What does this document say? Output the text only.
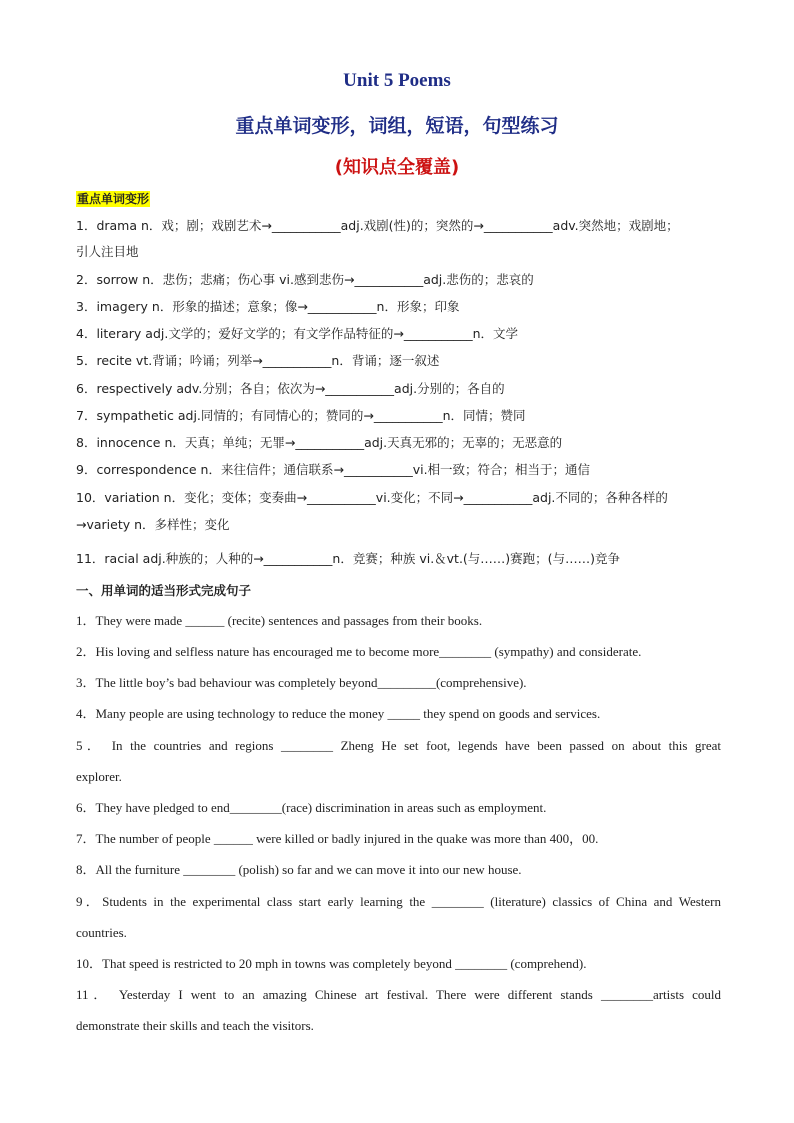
Unit 5 Poems
重点单词变形，词组，短语，句型练习
(知识点全覆盖)
重点单词变形
1．drama n．戏；剧；戏剧艺术→___________adj.戏剧(性)的；突然的→___________adv.突然地；戏剧地；
引人注目地
2．sorrow n．悲伤；悲痛；伤心事 vi.感到悲伤→___________adj.悲伤的；悲哀的
3．imagery n．形象的描述；意象；像→___________n．形象；印象
4．literary adj.文学的；爱好文学的；有文学作品特征的→___________n．文学
5．recite vt.背诵；吟诵；列举→___________n．背诵；逐一叙述
6．respectively adv.分别；各自；依次为→___________adj.分别的；各自的
7．sympathetic adj.同情的；有同情心的；赞同的→___________n．同情；赞同
8．innocence n．天真；单纯；无罪→___________adj.天真无邪的；无辜的；无恶意的
9．correspondence n．来往信件；通信联系→___________vi.相一致；符合；相当于；通信
10．variation n．变化；变体；变奏曲→___________vi.变化；不同→___________adj.不同的；各种各样的
→variety n．多样性；变化
11．racial adj.种族的；人种的→___________n．竞赛；种族 vi.＆vt.(与……)赛跑；(与……)竞争
一、用单词的适当形式完成句子
1．They were made ______ (recite) sentences and passages from their books.
2．His loving and selfless nature has encouraged me to become more________ (sympathy) and considerate.
3．The little boy’s bad behaviour was completely beyond_________(comprehensive).
4．Many people are using technology to reduce the money _____ they spend on goods and services.
5． In the countries and regions ________ Zheng He set foot, legends have been passed on about this great
explorer.
6．They have pledged to end________(race) discrimination in areas such as employment.
7．The number of people ______ were killed or badly injured in the quake was more than 400，00.
8．All the furniture ________ (polish) so far and we can move it into our new house.
9．Students in the experimental class start early learning the ________ (literature) classics of China and Western
countries.
10．That speed is restricted to 20 mph in towns was completely beyond ________ (comprehend).
11． Yesterday I went to an amazing Chinese art festival. There were different stands ________artists could
demonstrate their skills and teach the visitors.
